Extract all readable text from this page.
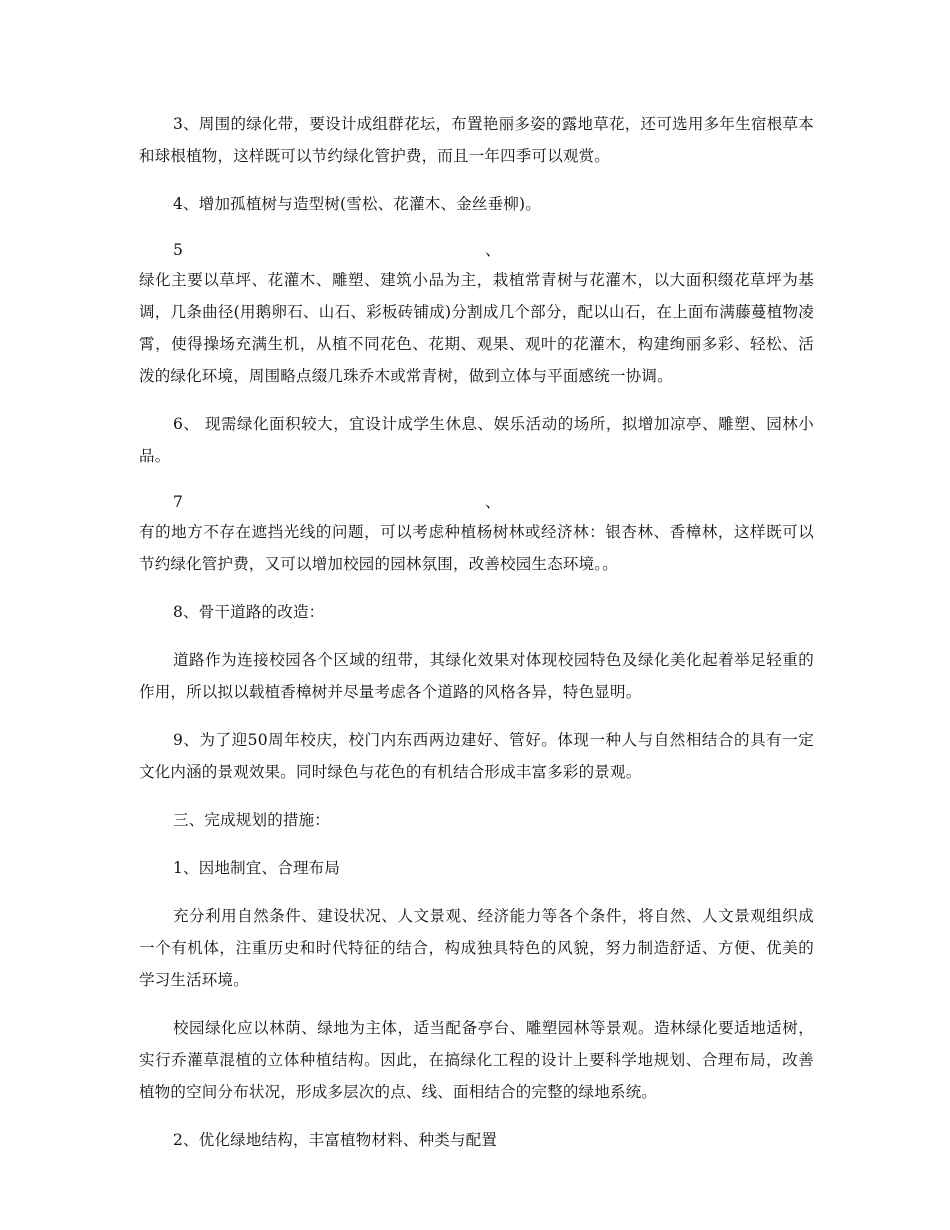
3、周围的绿化带，要设计成组群花坛，布置艳丽多姿的露地草花，还可选用多年生宿根草本和球根植物，这样既可以节约绿化管护费，而且一年四季可以观赏。

4、增加孤植树与造型树(雪松、花灌木、金丝垂柳)。

5	、

绿化主要以草坪、花灌木、雕塑、建筑小品为主，栽植常青树与花灌木，以大面积缀花草坪为基调，几条曲径(用鹅卵石、山石、彩板砖铺成)分割成几个部分，配以山石，在上面布满藤蔓植物凌霄，使得操场充满生机，从植不同花色、花期、观果、观叶的花灌木，构建绚丽多彩、轻松、活泼的绿化环境，周围略点缀几珠乔木或常青树，做到立体与平面感统一协调。

6、 现需绿化面积较大，宜设计成学生休息、娱乐活动的场所，拟增加凉亭、雕塑、园林小品。

7	、

有的地方不存在遮挡光线的问题，可以考虑种植杨树林或经济林：银杏林、香樟林，这样既可以节约绿化管护费，又可以增加校园的园林氛围，改善校园生态环境。。

8、骨干道路的改造：

道路作为连接校园各个区域的纽带，其绿化效果对体现校园特色及绿化美化起着举足轻重的作用，所以拟以载植香樟树并尽量考虑各个道路的风格各异，特色显明。

9、为了迎50周年校庆，校门内东西两边建好、管好。体现一种人与自然相结合的具有一定文化内涵的景观效果。同时绿色与花色的有机结合形成丰富多彩的景观。

三、完成规划的措施：

1、因地制宜、合理布局

充分利用自然条件、建设状况、人文景观、经济能力等各个条件，将自然、人文景观组织成一个有机体，注重历史和时代特征的结合，构成独具特色的风貌，努力制造舒适、方便、优美的学习生活环境。

校园绿化应以林荫、绿地为主体，适当配备亭台、雕塑园林等景观。造林绿化要适地适树，实行乔灌草混植的立体种植结构。因此，在搞绿化工程的设计上要科学地规划、合理布局，改善植物的空间分布状况，形成多层次的点、线、面相结合的完整的绿地系统。

2、优化绿地结构，丰富植物材料、种类与配置
